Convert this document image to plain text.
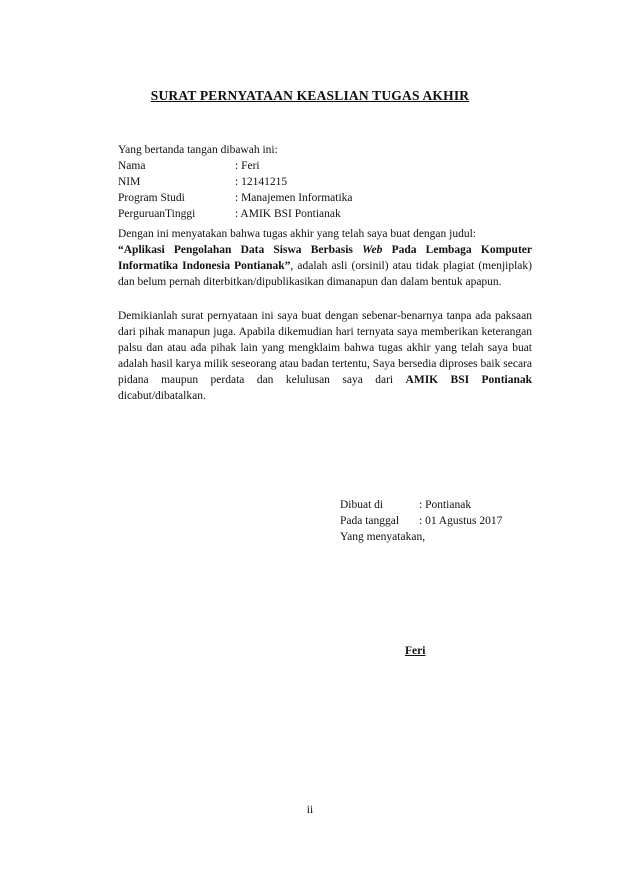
SURAT PERNYATAAN KEASLIAN TUGAS AKHIR
Yang bertanda tangan dibawah ini:
Nama	: Feri
NIM	: 12141215
Program Studi	: Manajemen Informatika
PerguruanTinggi	: AMIK BSI Pontianak

Dengan ini menyatakan bahwa tugas akhir yang telah saya buat dengan judul:

“Aplikasi Pengolahan Data Siswa Berbasis Web Pada Lembaga Komputer Informatika Indonesia Pontianak”, adalah asli (orsinil) atau tidak plagiat (menjiplak) dan belum pernah diterbitkan/dipublikasikan dimanapun dan dalam bentuk apapun.

Demikianlah surat pernyataan ini saya buat dengan sebenar-benarnya tanpa ada paksaan dari pihak manapun juga. Apabila dikemudian hari ternyata saya memberikan keterangan palsu dan atau ada pihak lain yang mengklaim bahwa tugas akhir yang telah saya buat adalah hasil karya milik seseorang atau badan tertentu, Saya bersedia diproses baik secara pidana maupun perdata dan kelulusan saya dari AMIK BSI Pontianak dicabut/dibatalkan.

Dibuat di	: Pontianak
Pada tanggal	: 01 Agustus 2017
Yang menyatakan,
Feri
ii
